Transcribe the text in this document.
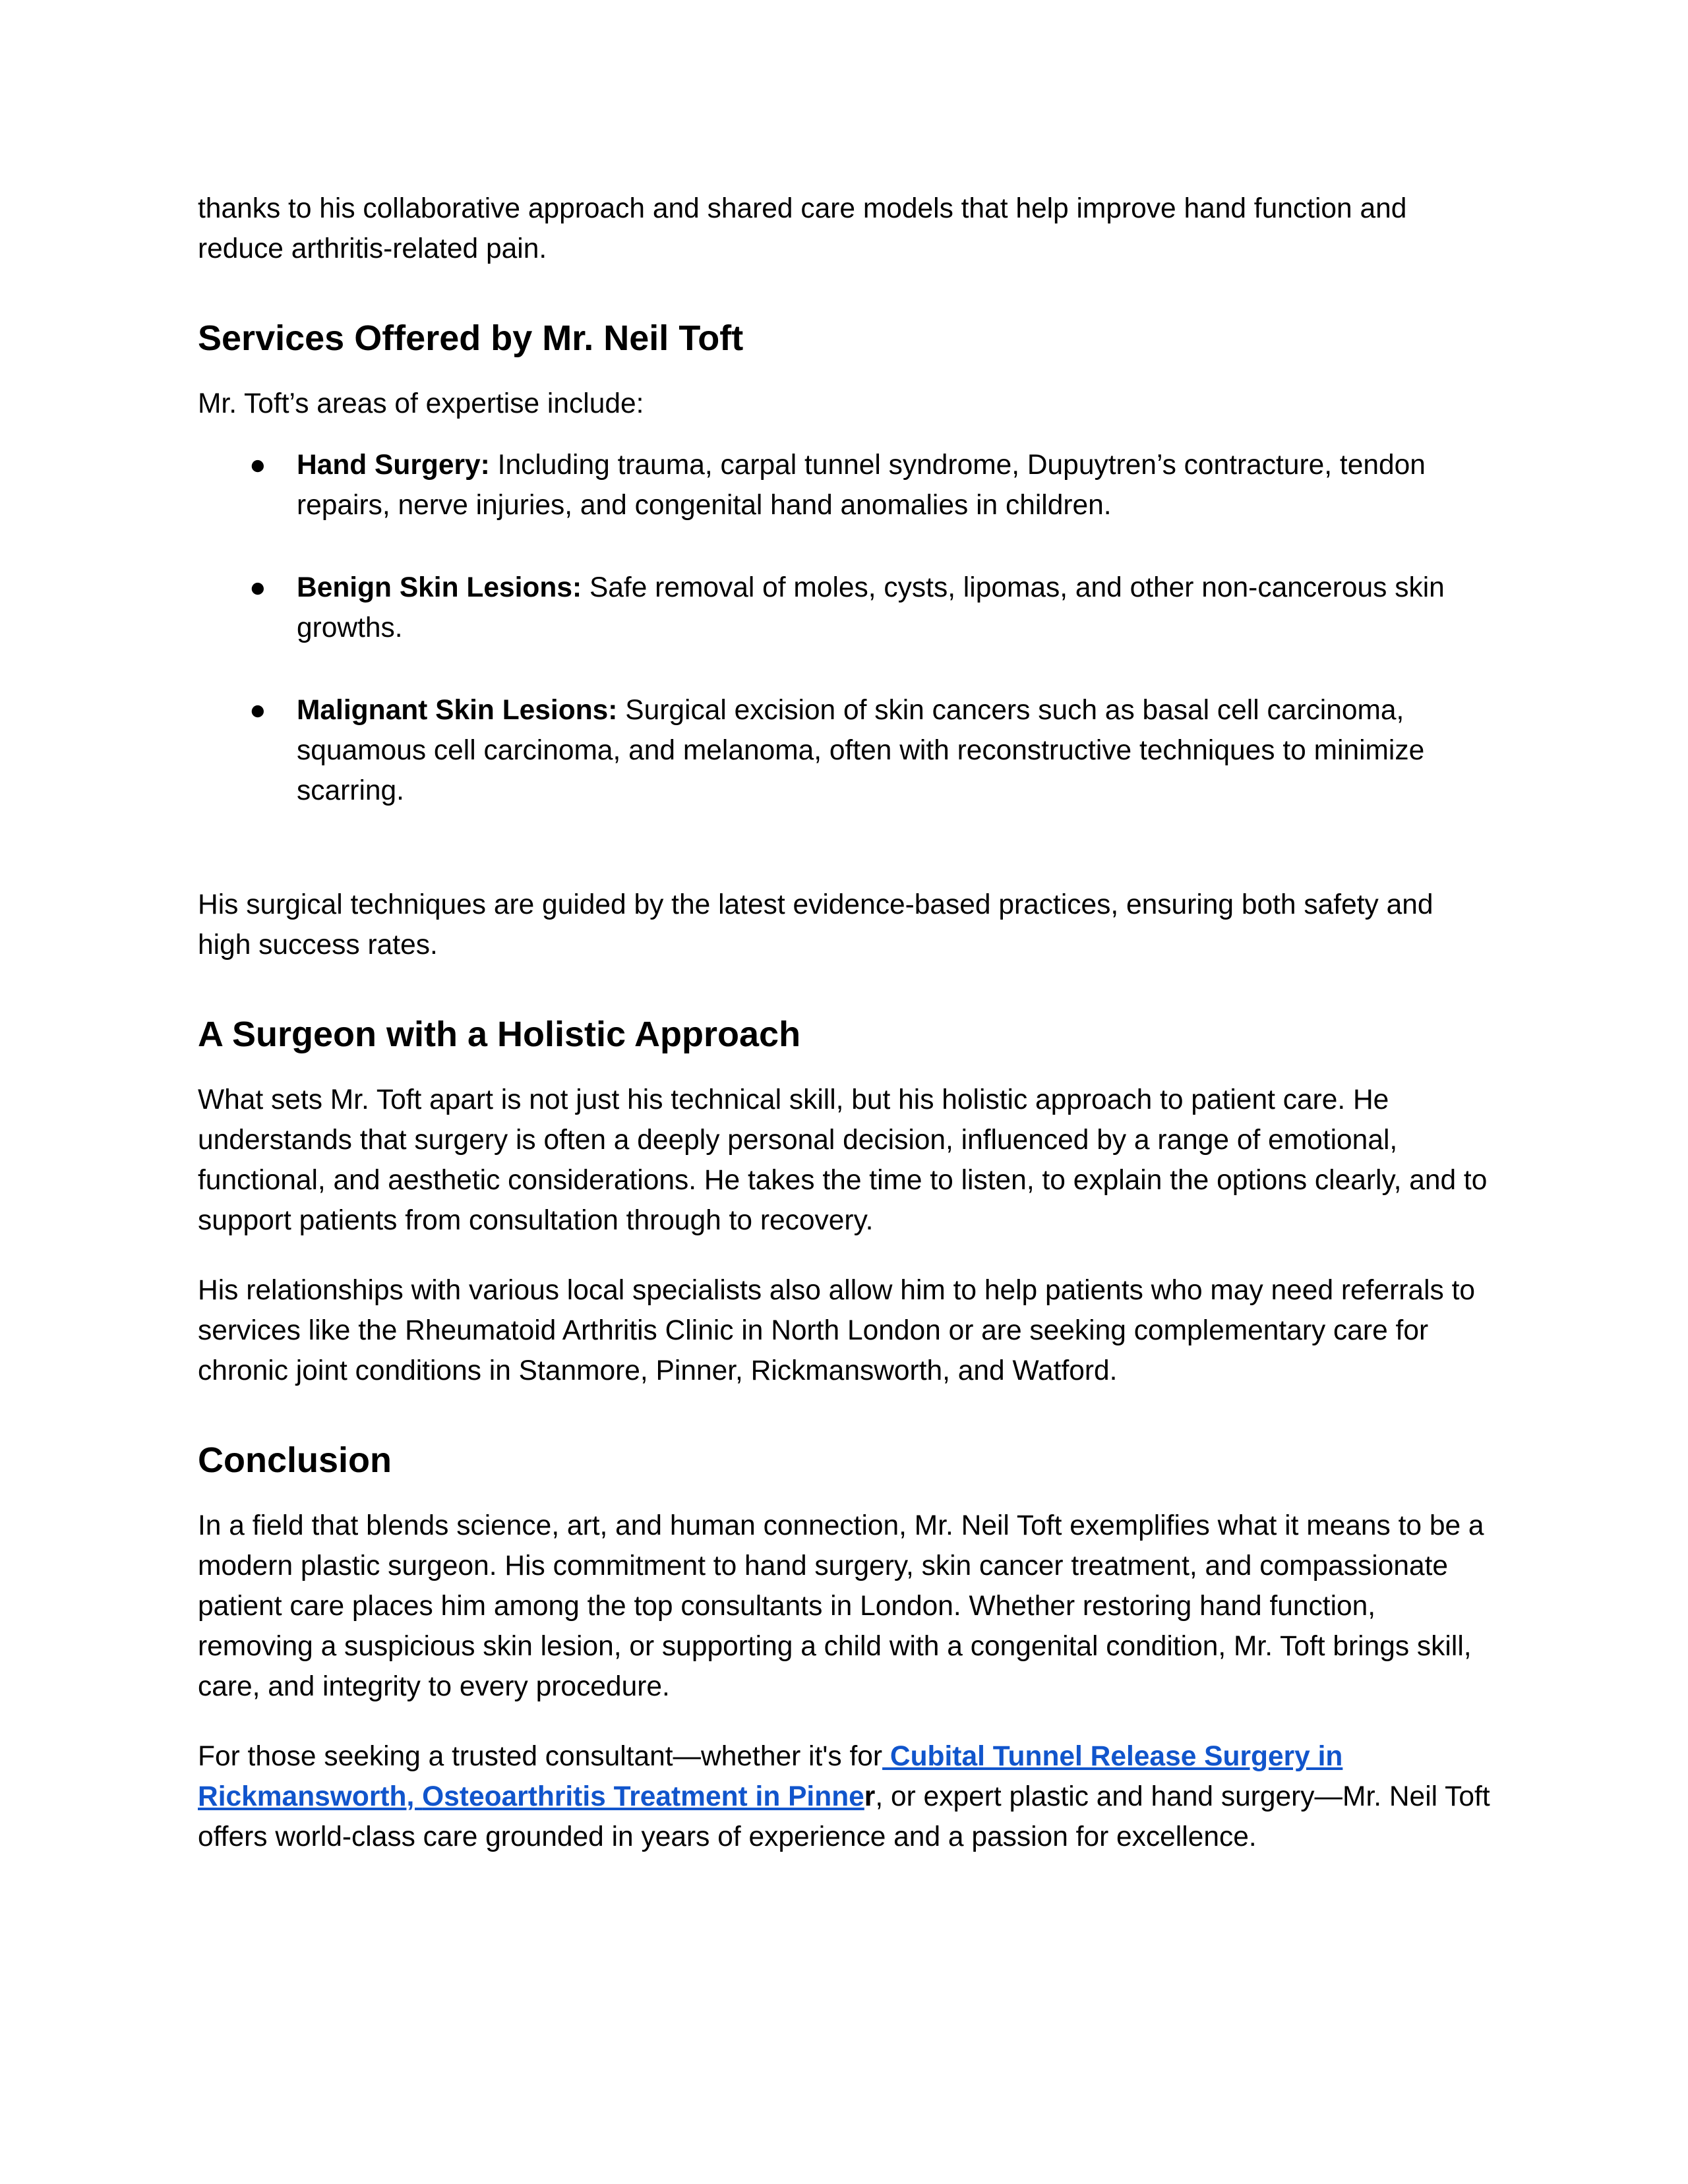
thanks to his collaborative approach and shared care models that help improve hand function and reduce arthritis-related pain.

Services Offered by Mr. Neil Toft

Mr. Toft’s areas of expertise include:

● Hand Surgery: Including trauma, carpal tunnel syndrome, Dupuytren’s contracture, tendon repairs, nerve injuries, and congenital hand anomalies in children.

● Benign Skin Lesions: Safe removal of moles, cysts, lipomas, and other non-cancerous skin growths.

● Malignant Skin Lesions: Surgical excision of skin cancers such as basal cell carcinoma, squamous cell carcinoma, and melanoma, often with reconstructive techniques to minimize scarring.

His surgical techniques are guided by the latest evidence-based practices, ensuring both safety and high success rates.

A Surgeon with a Holistic Approach

What sets Mr. Toft apart is not just his technical skill, but his holistic approach to patient care. He understands that surgery is often a deeply personal decision, influenced by a range of emotional, functional, and aesthetic considerations. He takes the time to listen, to explain the options clearly, and to support patients from consultation through to recovery.

His relationships with various local specialists also allow him to help patients who may need referrals to services like the Rheumatoid Arthritis Clinic in North London or are seeking complementary care for chronic joint conditions in Stanmore, Pinner, Rickmansworth, and Watford.

Conclusion

In a field that blends science, art, and human connection, Mr. Neil Toft exemplifies what it means to be a modern plastic surgeon. His commitment to hand surgery, skin cancer treatment, and compassionate patient care places him among the top consultants in London. Whether restoring hand function, removing a suspicious skin lesion, or supporting a child with a congenital condition, Mr. Toft brings skill, care, and integrity to every procedure.

For those seeking a trusted consultant—whether it's for Cubital Tunnel Release Surgery in Rickmansworth, Osteoarthritis Treatment in Pinner, or expert plastic and hand surgery—Mr. Neil Toft offers world-class care grounded in years of experience and a passion for excellence.
